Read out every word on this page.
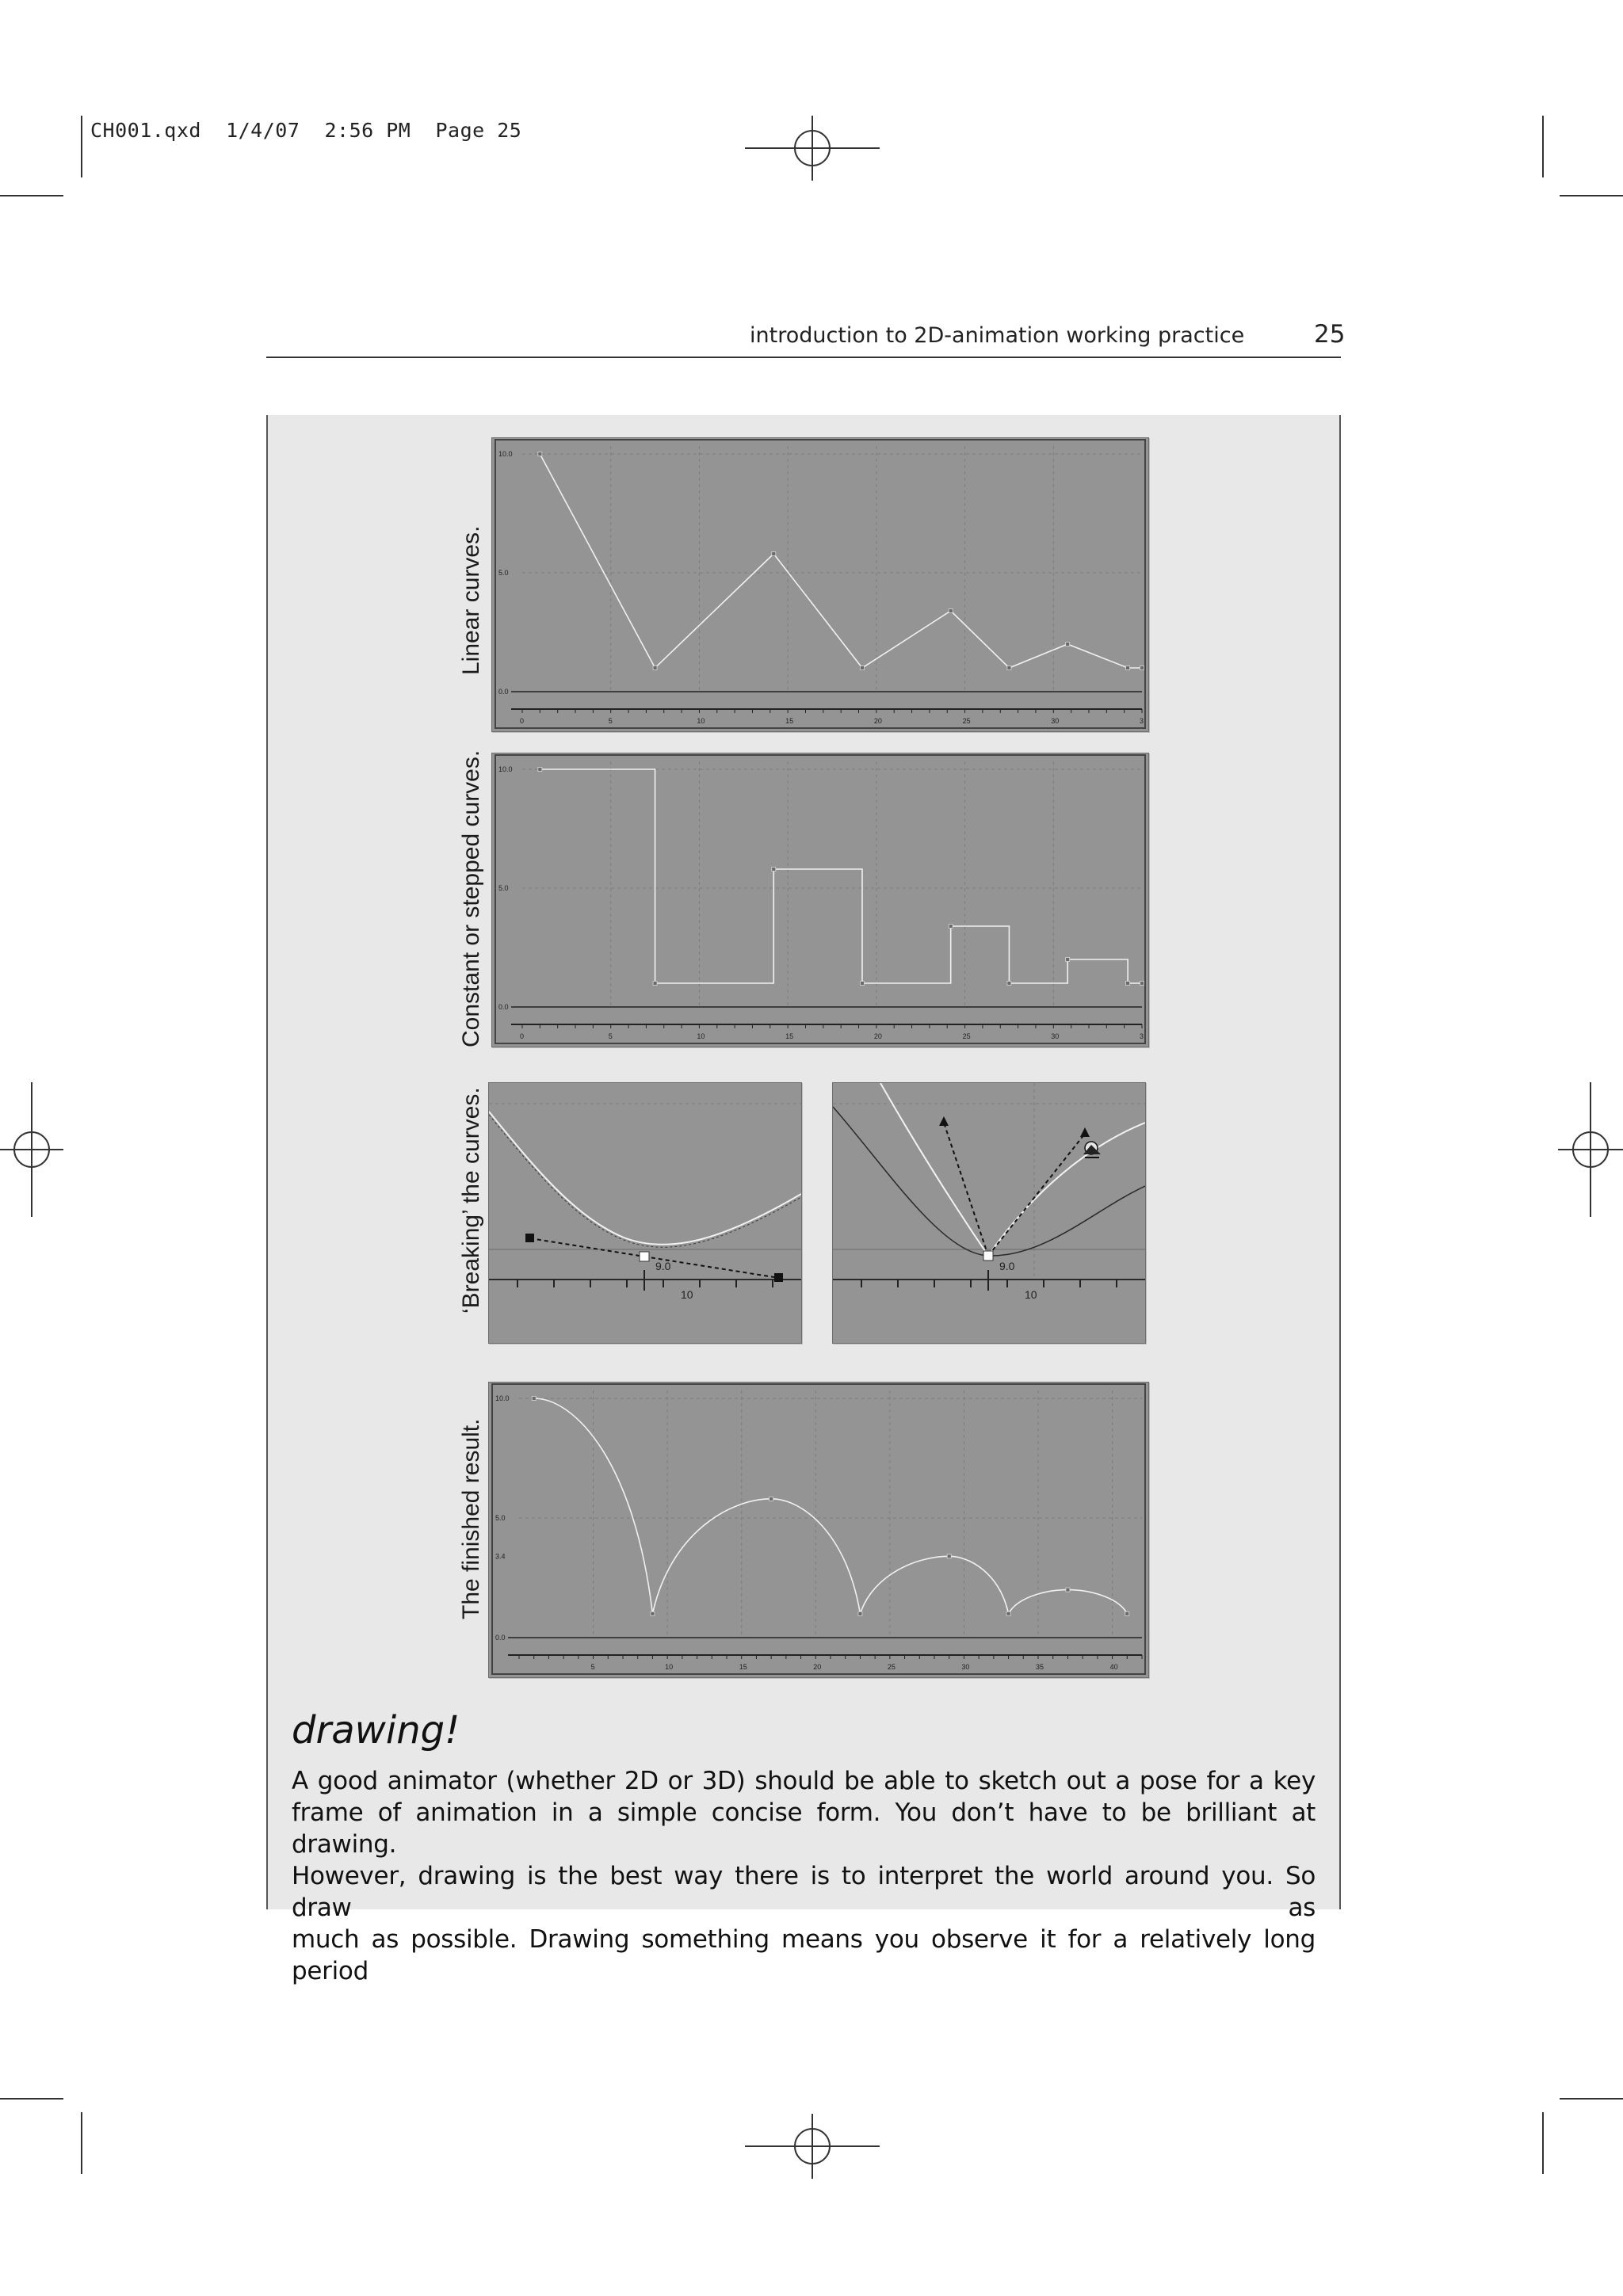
CH001.qxd 1/4/07 2:56 PM Page 25
introduction to 2D-animation working practice	25
Linear curves.
10.0
5.0
0.0
0	5	10	15	20	25	30	3
Constant or stepped curves. 10.0
5.0
0.0
0	5	10	15	20	25	30	3
‘Breaking’ the curves.	9.0
10
9.0
10
The finished result.
10.0
5.0
3.4
0.0
5	10	15	20	25	30	35	40
drawing!
A good animator (whether 2D or 3D) should be able to sketch out a pose for a key
frame of animation in a simple concise form. You don’t have to be brilliant at drawing.
However, drawing is the best way there is to interpret the world around you. So draw as
much as possible. Drawing something means you observe it for a relatively long period
